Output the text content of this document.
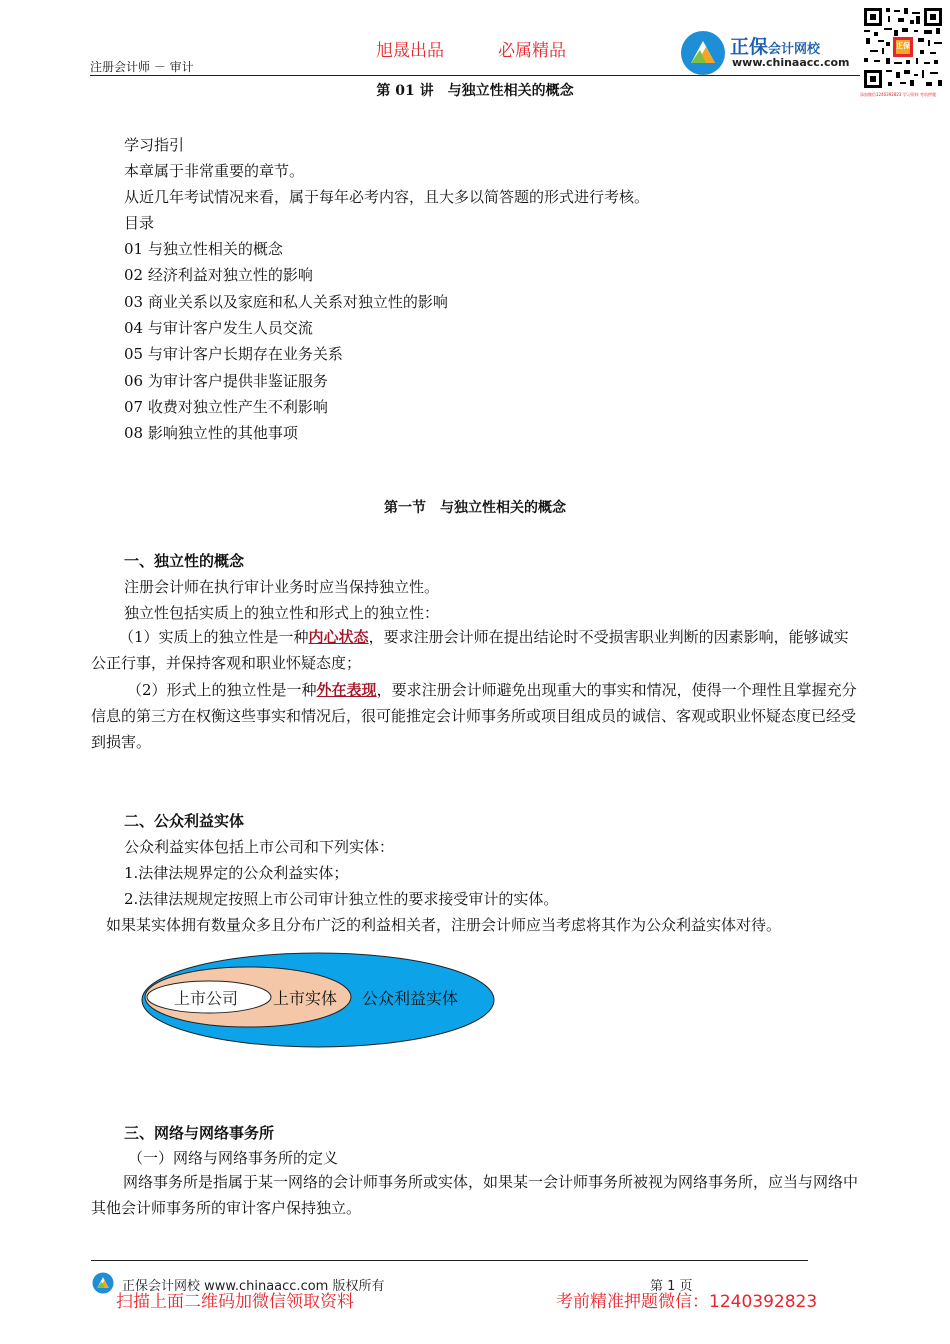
旭晟出品	必属精品
注册会计师 － 审计
正保会计网校
www.chinaacc.com
正保
添加微信1240392823 学习资料 考前押题
第 01 讲　与独立性相关的概念
学习指引
本章属于非常重要的章节。
从近几年考试情况来看，属于每年必考内容，且大多以简答题的形式进行考核。
目录
01 与独立性相关的概念
02 经济利益对独立性的影响
03 商业关系以及家庭和私人关系对独立性的影响
04 与审计客户发生人员交流
05 与审计客户长期存在业务关系
06 为审计客户提供非鉴证服务
07 收费对独立性产生不利影响
08 影响独立性的其他事项
第一节　与独立性相关的概念
一、独立性的概念
注册会计师在执行审计业务时应当保持独立性。
独立性包括实质上的独立性和形式上的独立性：
（1）实质上的独立性是一种内心状态，要求注册会计师在提出结论时不受损害职业判断的因素影响，能够诚实公正行事，并保持客观和职业怀疑态度；
（2）形式上的独立性是一种外在表现，要求注册会计师避免出现重大的事实和情况，使得一个理性且掌握充分信息的第三方在权衡这些事实和情况后，很可能推定会计师事务所或项目组成员的诚信、客观或职业怀疑态度已经受到损害。
二、公众利益实体
公众利益实体包括上市公司和下列实体：
1.法律法规界定的公众利益实体；
2.法律法规规定按照上市公司审计独立性的要求接受审计的实体。
如果某实体拥有数量众多且分布广泛的利益相关者，注册会计师应当考虑将其作为公众利益实体对待。
公众利益实体
上市实体
上市公司
三、网络与网络事务所
（一）网络与网络事务所的定义
网络事务所是指属于某一网络的会计师事务所或实体，如果某一会计师事务所被视为网络事务所，应当与网络中其他会计师事务所的审计客户保持独立。
正保会计网校 www.chinaacc.com 版权所有	第 1 页
扫描上面二维码加微信领取资料	考前精准押题微信：1240392823
